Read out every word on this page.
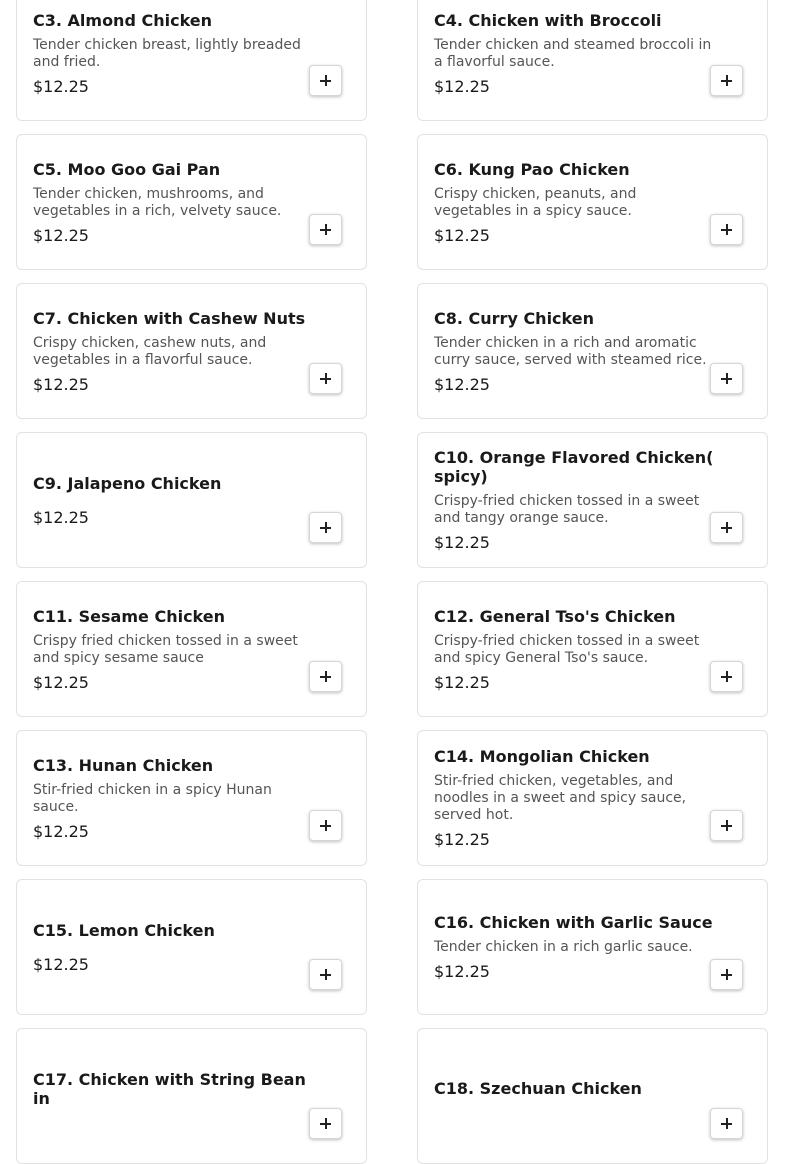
C3. Almond Chicken
Tender chicken breast, lightly breaded and fried.
$12.25
C4. Chicken with Broccoli
Tender chicken and steamed broccoli in a flavorful sauce.
$12.25
C5. Moo Goo Gai Pan
Tender chicken, mushrooms, and vegetables in a rich, velvety sauce.
$12.25
C6. Kung Pao Chicken
Crispy chicken, peanuts, and vegetables in a spicy sauce.
$12.25
C7. Chicken with Cashew Nuts
Crispy chicken, cashew nuts, and vegetables in a flavorful sauce.
$12.25
C8. Curry Chicken
Tender chicken in a rich and aromatic curry sauce, served with steamed rice.
$12.25
C9. Jalapeno Chicken
$12.25
C10. Orange Flavored Chicken( spicy)
Crispy-fried chicken tossed in a sweet and tangy orange sauce.
$12.25
C11. Sesame Chicken
Crispy fried chicken tossed in a sweet and spicy sesame sauce
$12.25
C12. General Tso's Chicken
Crispy-fried chicken tossed in a sweet and spicy General Tso's sauce.
$12.25
C13. Hunan Chicken
Stir-fried chicken in a spicy Hunan sauce.
$12.25
C14. Mongolian Chicken
Stir-fried chicken, vegetables, and noodles in a sweet and spicy sauce, served hot.
$12.25
C15. Lemon Chicken
$12.25
C16. Chicken with Garlic Sauce
Tender chicken in a rich garlic sauce.
$12.25
C17. Chicken with String Bean in	C18. Szechuan Chicken
